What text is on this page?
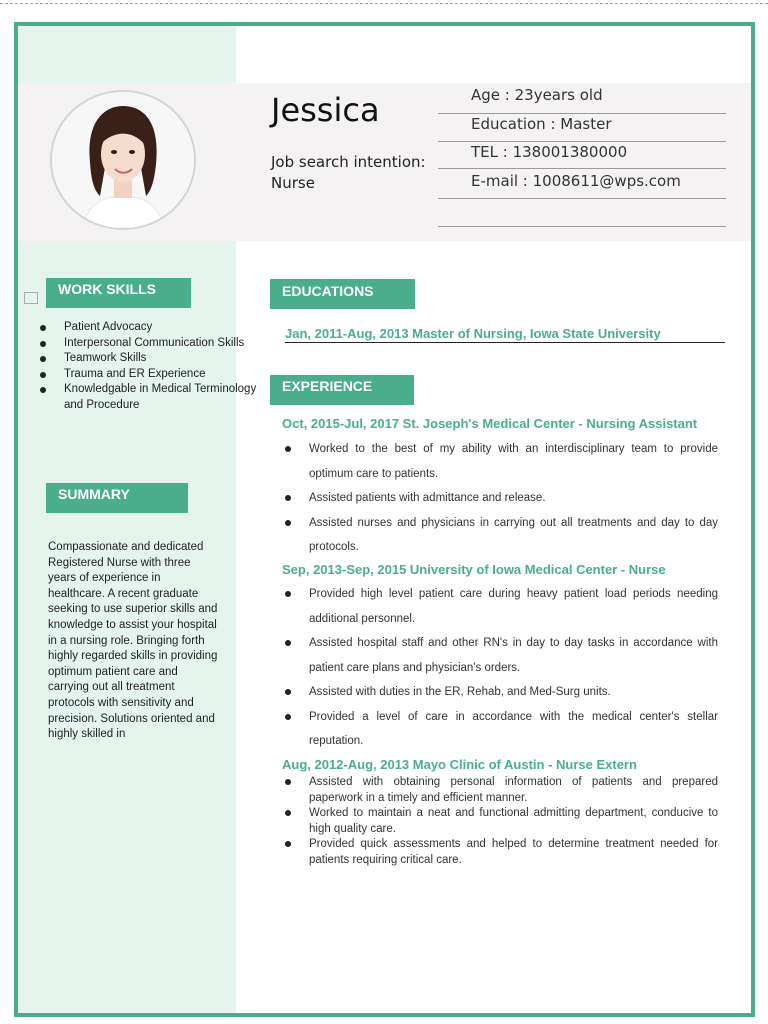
Jessica
Job search intention:
Nurse
Age : 23years old
Education : Master
TEL : 138001380000
E-mail : 1008611@wps.com
WORK SKILLS
Patient Advocacy
Interpersonal Communication Skills
Teamwork Skills
Trauma and ER Experience
Knowledgable in Medical Terminology and Procedure
SUMMARY
Compassionate and dedicated Registered Nurse with three years of experience in healthcare. A recent graduate seeking to use superior skills and knowledge to assist your hospital in a nursing role. Bringing forth highly regarded skills in providing optimum patient care and carrying out all treatment protocols with sensitivity and precision. Solutions oriented and highly skilled in
EDUCATIONS
Jan, 2011-Aug, 2013 Master of Nursing, Iowa State University
EXPERIENCE
Oct, 2015-Jul, 2017 St. Joseph's Medical Center - Nursing Assistant
Worked to the best of my ability with an interdisciplinary team to provide optimum care to patients.
Assisted patients with admittance and release.
Assisted nurses and physicians in carrying out all treatments and day to day protocols.
Sep, 2013-Sep, 2015 University of Iowa Medical Center - Nurse
Provided high level patient care during heavy patient load periods needing additional personnel.
Assisted hospital staff and other RN's in day to day tasks in accordance with patient care plans and physician's orders.
Assisted with duties in the ER, Rehab, and Med-Surg units.
Provided a level of care in accordance with the medical center's stellar reputation.
Aug, 2012-Aug, 2013 Mayo Clinic of Austin - Nurse Extern
Assisted with obtaining personal information of patients and prepared paperwork in a timely and efficient manner.
Worked to maintain a neat and functional admitting department, conducive to high quality care.
Provided quick assessments and helped to determine treatment needed for patients requiring critical care.
